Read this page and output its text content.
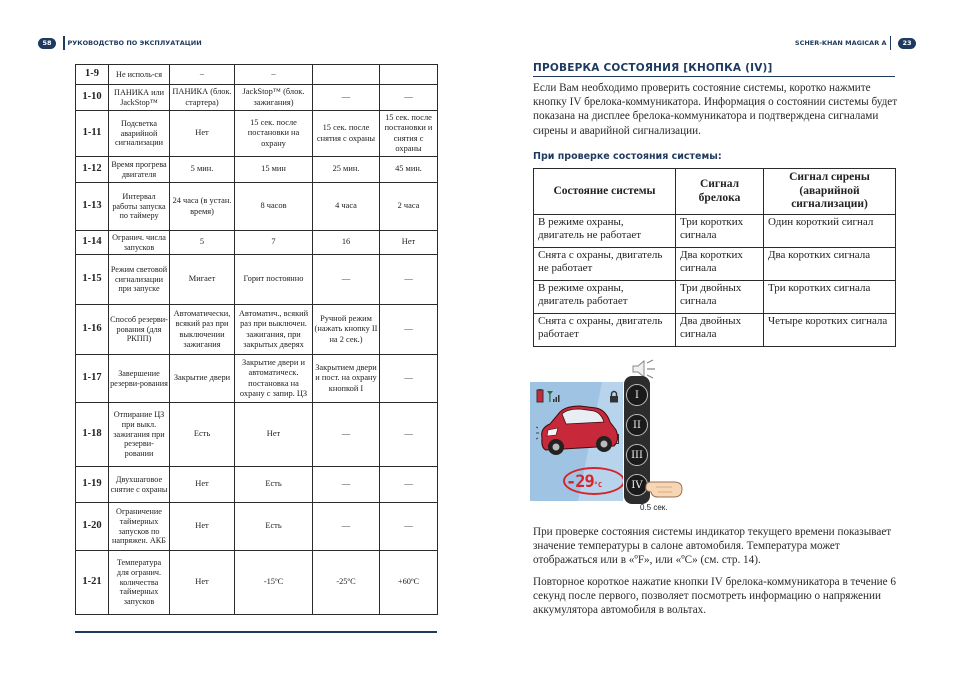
58	РУКОВОДСТВО ПО ЭКСПЛУАТАЦИИ	SCHER-KHAN MAGICAR A	23
1-9	Не исполь-ся	–	–		
1-10	ПАНИКА или JackStop™	ПАНИКА (блок. стартера)	JackStop™ (блок. зажигания)	—	—
1-11	Подсветка аварийной сигнализации	Нет	15 сек. после постановки на охрану	15 сек. после снятия с охраны	15 сек. после постановки и снятия с охраны
1-12	Время прогрева двигателя	5 мин.	15 мин	25 мин.	45 мин.
1-13	Интервал работы запуска по таймеру	24 часа (в устан. время)	8 часов	4 часа	2 часа
1-14	Огранич. числа запусков	5	7	16	Нет
1-15	Режим световой сигнализации при запуске	Мигает	Горит постоянно	—	—
1-16	Способ резерви-рования (для РКПП)	Автоматически, всякий раз при выключении зажигания	Автоматич., всякий раз при выключен. зажигания, при закрытых дверях	Ручной режим (нажать кнопку II на 2 сек.)	—
1-17	Завершение резерви-рования	Закрытие двери	Закрытие двери и автоматическ. постановка на охрану с запир. ЦЗ	Закрытием двери и пост. на охрану кнопкой I	—
1-18	Отпирание ЦЗ при выкл. зажигания при резерви-ровании	Есть	Нет	—	—
1-19	Двухшаговое снятие с охраны	Нет	Есть	—	—
1-20	Ограничение таймерных запусков по напряжен. АКБ	Нет	Есть	—	—
1-21	Температура для огранич. количества таймерных запусков	Нет	-15ºС	-25ºС	+60ºС
ПРОВЕРКА СОСТОЯНИЯ [КНОПКА (IV)]
Если Вам необходимо проверить состояние системы, коротко нажмите кнопку IV брелока-коммуникатора. Информация о состоянии системы будет показана на дисплее брелока-коммуникатора и подтверждена сигналами сирены и аварийной сигнализации.
При проверке состояния системы:
Состояние системы	Сигнал брелока	Сигнал сирены (аварийной сигнализации)
В режиме охраны, двигатель не работает	Три коротких сигнала	Один короткий сигнал
Снята с охраны, двигатель не работает	Два коротких сигнала	Два коротких сигнала
В режиме охраны, двигатель работает	Три двойных сигнала	Три коротких сигнала
Снята с охраны, двигатель работает	Два двойных сигнала	Четыре коротких сигнала
-29°C
I
II
III
IV
0.5 сек.
При проверке состояния системы индикатор текущего времени показывает значение температуры в салоне автомобиля. Температура может отображаться или в «ºF», или «ºC» (см. стр. 14).
Повторное короткое нажатие кнопки IV брелока-коммуникатора в течение 6 секунд после первого, позволяет посмотреть информацию о напряжении аккумулятора автомобиля в вольтах.
